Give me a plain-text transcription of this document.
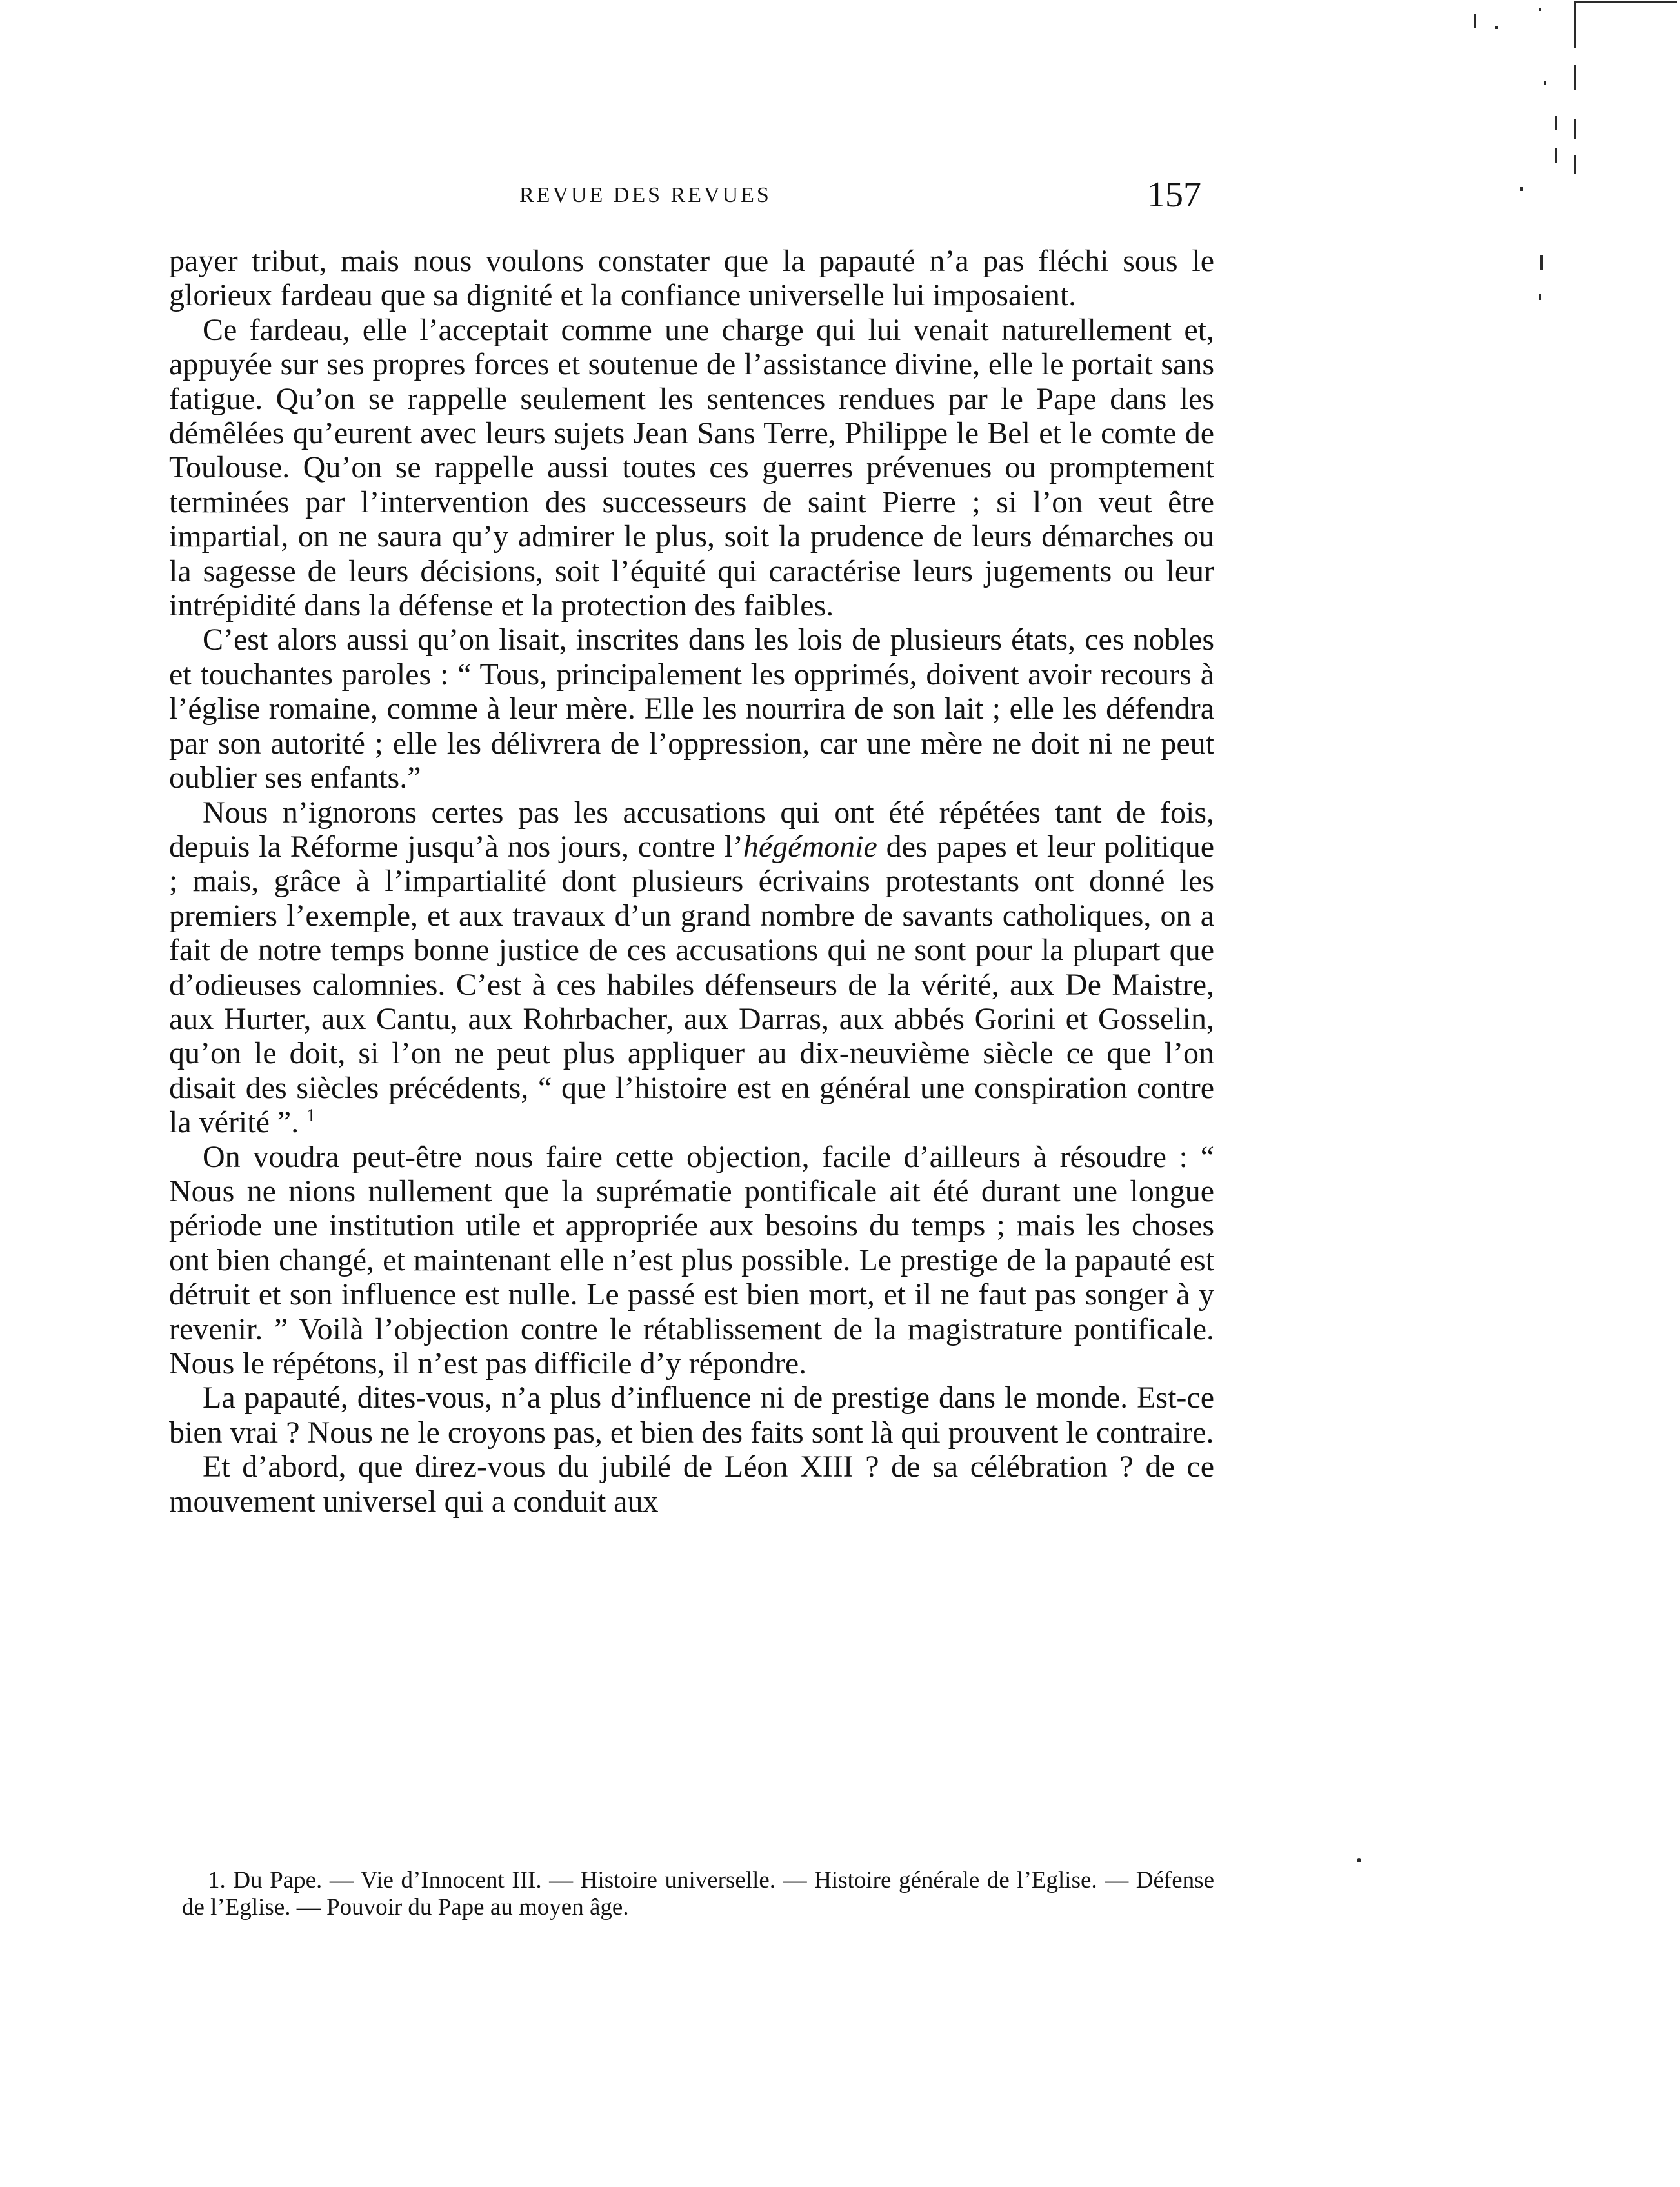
REVUE DES REVUES	157

payer tribut, mais nous voulons constater que la papauté n’a pas fléchi sous le glorieux fardeau que sa dignité et la confiance universelle lui imposaient.

Ce fardeau, elle l’acceptait comme une charge qui lui venait naturellement et, appuyée sur ses propres forces et soutenue de l’assistance divine, elle le portait sans fatigue. Qu’on se rappelle seulement les sentences rendues par le Pape dans les démêlées qu’eurent avec leurs sujets Jean Sans Terre, Philippe le Bel et le comte de Toulouse. Qu’on se rappelle aussi toutes ces guerres prévenues ou promptement terminées par l’intervention des successeurs de saint Pierre ; si l’on veut être impartial, on ne saura qu’y admirer le plus, soit la prudence de leurs démarches ou la sagesse de leurs décisions, soit l’équité qui caractérise leurs jugements ou leur intrépidité dans la défense et la protection des faibles.

C’est alors aussi qu’on lisait, inscrites dans les lois de plusieurs états, ces nobles et touchantes paroles : “ Tous, principalement les opprimés, doivent avoir recours à l’église romaine, comme à leur mère. Elle les nourrira de son lait ; elle les défendra par son autorité ; elle les délivrera de l’oppression, car une mère ne doit ni ne peut oublier ses enfants.”

Nous n’ignorons certes pas les accusations qui ont été répétées tant de fois, depuis la Réforme jusqu’à nos jours, contre l’hégémonie des papes et leur politique ; mais, grâce à l’impartialité dont plusieurs écrivains protestants ont donné les premiers l’exemple, et aux travaux d’un grand nombre de savants catholiques, on a fait de notre temps bonne justice de ces accusations qui ne sont pour la plupart que d’odieuses calomnies. C’est à ces habiles défenseurs de la vérité, aux De Maistre, aux Hurter, aux Cantu, aux Rohrbacher, aux Darras, aux abbés Gorini et Gosselin, qu’on le doit, si l’on ne peut plus appliquer au dix-neuvième siècle ce que l’on disait des siècles précédents, “ que l’histoire est en général une conspiration contre la vérité ”. $^1$

On voudra peut-être nous faire cette objection, facile d’ailleurs à résoudre : “ Nous ne nions nullement que la suprématie pontificale ait été durant une longue période une institution utile et appropriée aux besoins du temps ; mais les choses ont bien changé, et maintenant elle n’est plus possible. Le prestige de la papauté est détruit et son influence est nulle. Le passé est bien mort, et il ne faut pas songer à y revenir. ” Voilà l’objection contre le rétablissement de la magistrature pontificale. Nous le répétons, il n’est pas difficile d’y répondre.

La papauté, dites-vous, n’a plus d’influence ni de prestige dans le monde. Est-ce bien vrai ? Nous ne le croyons pas, et bien des faits sont là qui prouvent le contraire.

Et d’abord, que direz-vous du jubilé de Léon XIII ? de sa célébration ? de ce mouvement universel qui a conduit aux

1. Du Pape. — Vie d’Innocent III. — Histoire universelle. — Histoire générale de l’Eglise. — Défense de l’Eglise. — Pouvoir du Pape au moyen âge.
